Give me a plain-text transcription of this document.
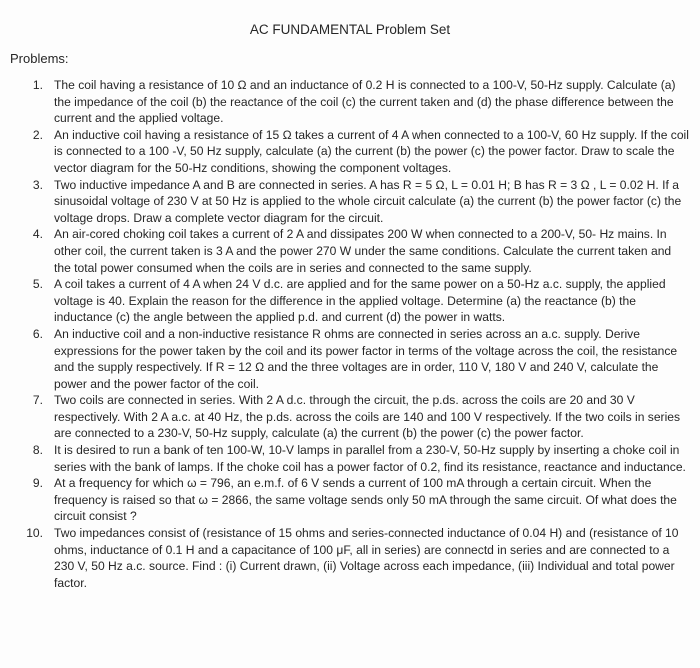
AC FUNDAMENTAL Problem Set
Problems:
1. The coil having a resistance of 10 Ω and an inductance of 0.2 H is connected to a 100-V, 50-Hz supply. Calculate (a) the impedance of the coil (b) the reactance of the coil (c) the current taken and (d) the phase difference between the current and the applied voltage.
2. An inductive coil having a resistance of 15 Ω takes a current of 4 A when connected to a 100-V, 60 Hz supply. If the coil is connected to a 100 -V, 50 Hz supply, calculate (a) the current (b) the power (c) the power factor. Draw to scale the vector diagram for the 50-Hz conditions, showing the component voltages.
3. Two inductive impedance A and B are connected in series. A has R = 5 Ω, L = 0.01 H; B has R = 3 Ω , L = 0.02 H. If a sinusoidal voltage of 230 V at 50 Hz is applied to the whole circuit calculate (a) the current (b) the power factor (c) the voltage drops. Draw a complete vector diagram for the circuit.
4. An air-cored choking coil takes a current of 2 A and dissipates 200 W when connected to a 200-V, 50- Hz mains. In other coil, the current taken is 3 A and the power 270 W under the same conditions. Calculate the current taken and the total power consumed when the coils are in series and connected to the same supply.
5. A coil takes a current of 4 A when 24 V d.c. are applied and for the same power on a 50-Hz a.c. supply, the applied voltage is 40. Explain the reason for the difference in the applied voltage. Determine (a) the reactance (b) the inductance (c) the angle between the applied p.d. and current (d) the power in watts.
6. An inductive coil and a non-inductive resistance R ohms are connected in series across an a.c. supply. Derive expressions for the power taken by the coil and its power factor in terms of the voltage across the coil, the resistance and the supply respectively. If R = 12 Ω and the three voltages are in order, 110 V, 180 V and 240 V, calculate the power and the power factor of the coil.
7. Two coils are connected in series. With 2 A d.c. through the circuit, the p.ds. across the coils are 20 and 30 V respectively. With 2 A a.c. at 40 Hz, the p.ds. across the coils are 140 and 100 V respectively. If the two coils in series are connected to a 230-V, 50-Hz supply, calculate (a) the current (b) the power (c) the power factor.
8. It is desired to run a bank of ten 100-W, 10-V lamps in parallel from a 230-V, 50-Hz supply by inserting a choke coil in series with the bank of lamps. If the choke coil has a power factor of 0.2, find its resistance, reactance and inductance.
9. At a frequency for which ω = 796, an e.m.f. of 6 V sends a current of 100 mA through a certain circuit. When the frequency is raised so that ω = 2866, the same voltage sends only 50 mA through the same circuit. Of what does the circuit consist ?
10. Two impedances consist of (resistance of 15 ohms and series-connected inductance of 0.04 H) and (resistance of 10 ohms, inductance of 0.1 H and a capacitance of 100 μF, all in series) are connectd in series and are connected to a 230 V, 50 Hz a.c. source. Find : (i) Current drawn, (ii) Voltage across each impedance, (iii) Individual and total power factor.
